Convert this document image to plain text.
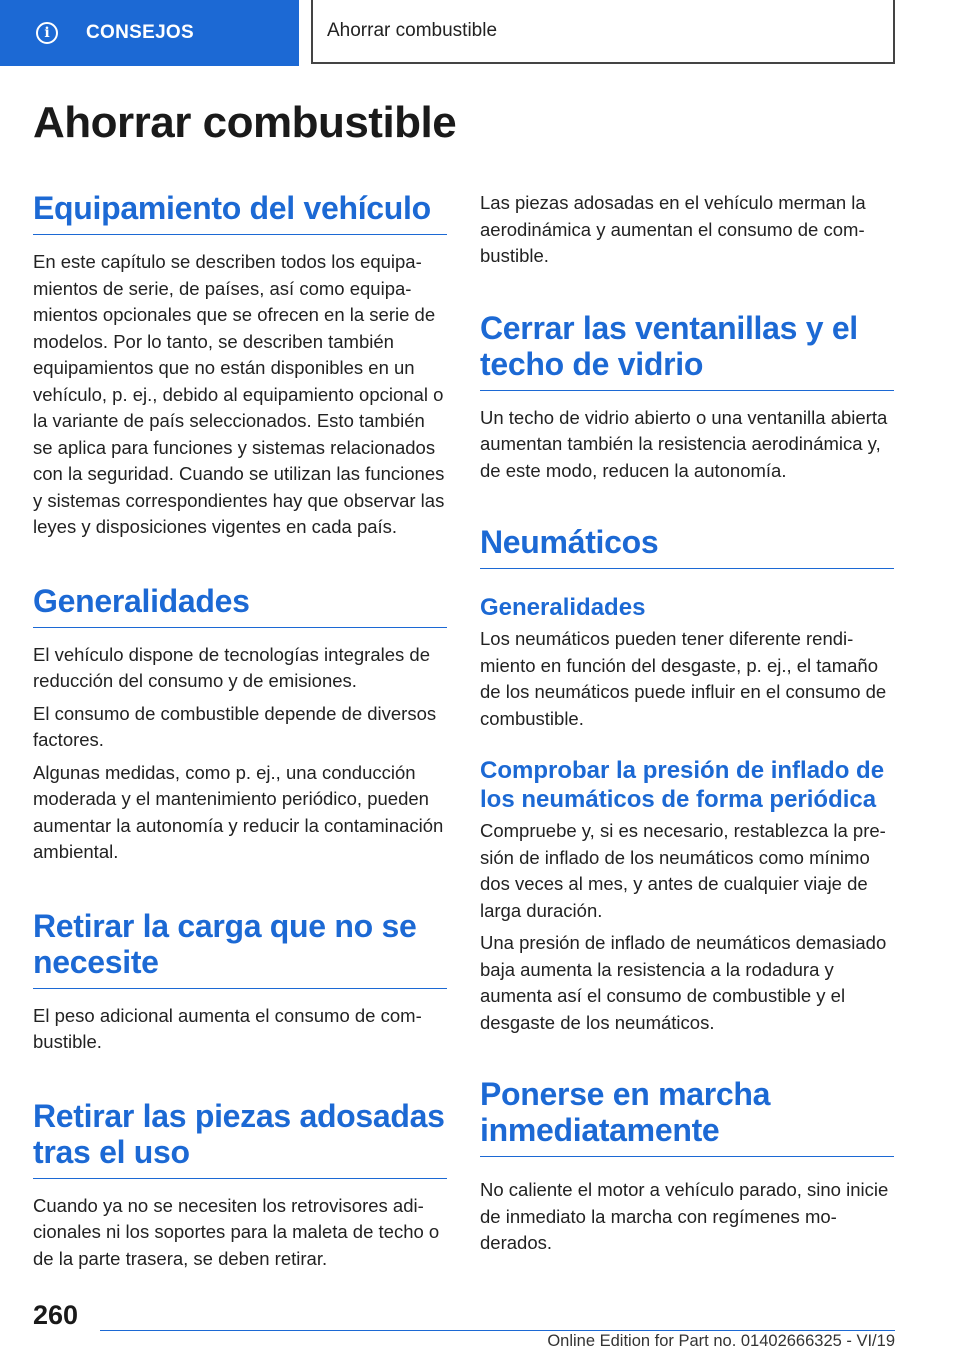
i	CONSEJOS	Ahorrar combustible
Ahorrar combustible
Equipamiento del vehículo

En este capítulo se describen todos los equipamientos de serie, de países, así como equipamientos opcionales que se ofrecen en la serie de modelos. Por lo tanto, se describen también equipamientos que no están disponibles en un vehículo, p. ej., debido al equipamiento opcional o la variante de país seleccionados. Esto también se aplica para funciones y sistemas relacionados con la seguridad. Cuando se utilizan las funciones y sistemas correspondientes hay que observar las leyes y disposiciones vigentes en cada país.

Generalidades

El vehículo dispone de tecnologías integrales de reducción del consumo y de emisiones.

El consumo de combustible depende de diversos factores.

Algunas medidas, como p. ej., una conducción moderada y el mantenimiento periódico, pueden aumentar la autonomía y reducir la contaminación ambiental.

Retirar la carga que no se necesite

El peso adicional aumenta el consumo de combustible.

Retirar las piezas adosadas tras el uso

Cuando ya no se necesiten los retrovisores adicionales ni los soportes para la maleta de techo o de la parte trasera, se deben retirar.

Las piezas adosadas en el vehículo merman la aerodinámica y aumentan el consumo de combustible.

Cerrar las ventanillas y el techo de vidrio

Un techo de vidrio abierto o una ventanilla abierta aumentan también la resistencia aerodinámica y, de este modo, reducen la autonomía.

Neumáticos
Generalidades

Los neumáticos pueden tener diferente rendimiento en función del desgaste, p. ej., el tamaño de los neumáticos puede influir en el consumo de combustible.

Comprobar la presión de inflado de los neumáticos de forma periódica

Compruebe y, si es necesario, restablezca la presión de inflado de los neumáticos como mínimo dos veces al mes, y antes de cualquier viaje de larga duración.

Una presión de inflado de neumáticos demasiado baja aumenta la resistencia a la rodadura y aumenta así el consumo de combustible y el desgaste de los neumáticos.

Ponerse en marcha inmediatamente

No caliente el motor a vehículo parado, sino inicie de inmediato la marcha con regímenes moderados.

260
Online Edition for Part no. 01402666325 - VI/19
